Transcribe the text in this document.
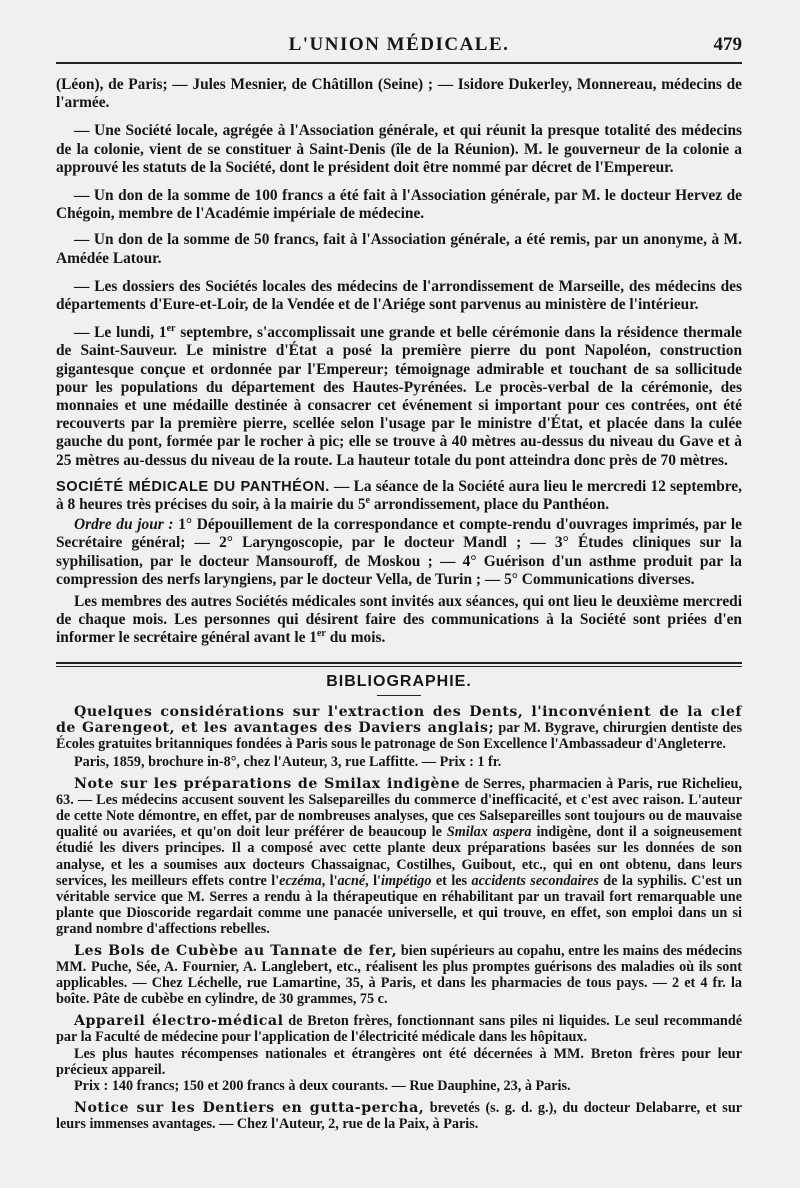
L'UNION MÉDICALE.	479

(Léon), de Paris; — Jules Mesnier, de Châtillon (Seine) ; — Isidore Dukerley, Monnereau, médecins de l'armée.

— Une Société locale, agrégée à l'Association générale, et qui réunit la presque totalité des médecins de la colonie, vient de se constituer à Saint-Denis (île de la Réunion). M. le gouverneur de la colonie a approuvé les statuts de la Société, dont le président doit être nommé par décret de l'Empereur.

— Un don de la somme de 100 francs a été fait à l'Association générale, par M. le docteur Hervez de Chégoin, membre de l'Académie impériale de médecine.

— Un don de la somme de 50 francs, fait à l'Association générale, a été remis, par un anonyme, à M. Amédée Latour.

— Les dossiers des Sociétés locales des médecins de l'arrondissement de Marseille, des médecins des départements d'Eure-et-Loir, de la Vendée et de l'Ariége sont parvenus au ministère de l'intérieur.

— Le lundi, 1er septembre, s'accomplissait une grande et belle cérémonie dans la résidence thermale de Saint-Sauveur. Le ministre d'État a posé la première pierre du pont Napoléon, construction gigantesque conçue et ordonnée par l'Empereur; témoignage admirable et touchant de sa sollicitude pour les populations du département des Hautes-Pyrénées. Le procès-verbal de la cérémonie, des monnaies et une médaille destinée à consacrer cet événement si important pour ces contrées, ont été recouverts par la première pierre, scellée selon l'usage par le ministre d'État, et placée dans la culée gauche du pont, formée par le rocher à pic; elle se trouve à 40 mètres au-dessus du niveau du Gave et à 25 mètres au-dessus du niveau de la route. La hauteur totale du pont atteindra donc près de 70 mètres.

SOCIÉTÉ MÉDICALE DU PANTHÉON. — La séance de la Société aura lieu le mercredi 12 septembre, à 8 heures très précises du soir, à la mairie du 5e arrondissement, place du Panthéon.

Ordre du jour : 1° Dépouillement de la correspondance et compte-rendu d'ouvrages imprimés, par le Secrétaire général; — 2° Laryngoscopie, par le docteur Mandl ; — 3° Études cliniques sur la syphilisation, par le docteur Mansouroff, de Moskou ; — 4° Guérison d'un asthme produit par la compression des nerfs laryngiens, par le docteur Vella, de Turin ; — 5° Communications diverses.

Les membres des autres Sociétés médicales sont invités aux séances, qui ont lieu le deuxième mercredi de chaque mois. Les personnes qui désirent faire des communications à la Société sont priées d'en informer le secrétaire général avant le 1er du mois.

BIBLIOGRAPHIE.

Quelques considérations sur l'extraction des Dents, l'inconvénient de la clef de Garengeot, et les avantages des Daviers anglais; par M. Bygrave, chirurgien dentiste des Écoles gratuites britanniques fondées à Paris sous le patronage de Son Excellence l'Ambassadeur d'Angleterre.

Paris, 1859, brochure in-8°, chez l'Auteur, 3, rue Laffitte. — Prix : 1 fr.

Note sur les préparations de Smilax indigène de Serres, pharmacien à Paris, rue Richelieu, 63. — Les médecins accusent souvent les Salsepareilles du commerce d'inefficacité, et c'est avec raison. L'auteur de cette Note démontre, en effet, par de nombreuses analyses, que ces Salsepareilles sont toujours ou de mauvaise qualité ou avariées, et qu'on doit leur préférer de beaucoup le Smilax aspera indigène, dont il a soigneusement étudié les divers principes. Il a composé avec cette plante deux préparations basées sur les données de son analyse, et les a soumises aux docteurs Chassaignac, Costilhes, Guibout, etc., qui en ont obtenu, dans leurs services, les meilleurs effets contre l'eczéma, l'acné, l'impétigo et les accidents secondaires de la syphilis. C'est un véritable service que M. Serres a rendu à la thérapeutique en réhabilitant par un travail fort remarquable une plante que Dioscoride regardait comme une panacée universelle, et qui trouve, en effet, son emploi dans un si grand nombre d'affections rebelles.

Les Bols de Cubèbe au Tannate de fer, bien supérieurs au copahu, entre les mains des médecins MM. Puche, Sée, A. Fournier, A. Langlebert, etc., réalisent les plus promptes guérisons des maladies où ils sont applicables. — Chez Léchelle, rue Lamartine, 35, à Paris, et dans les pharmacies de tous pays. — 2 et 4 fr. la boîte. Pâte de cubèbe en cylindre, de 30 grammes, 75 c.

Appareil électro-médical de Breton frères, fonctionnant sans piles ni liquides. Le seul recommandé par la Faculté de médecine pour l'application de l'électricité médicale dans les hôpitaux.

Les plus hautes récompenses nationales et étrangères ont été décernées à MM. Breton frères pour leur précieux appareil.

Prix : 140 francs; 150 et 200 francs à deux courants. — Rue Dauphine, 23, à Paris.

Notice sur les Dentiers en gutta-percha, brevetés (s. g. d. g.), du docteur Delabarre, et sur leurs immenses avantages. — Chez l'Auteur, 2, rue de la Paix, à Paris.
